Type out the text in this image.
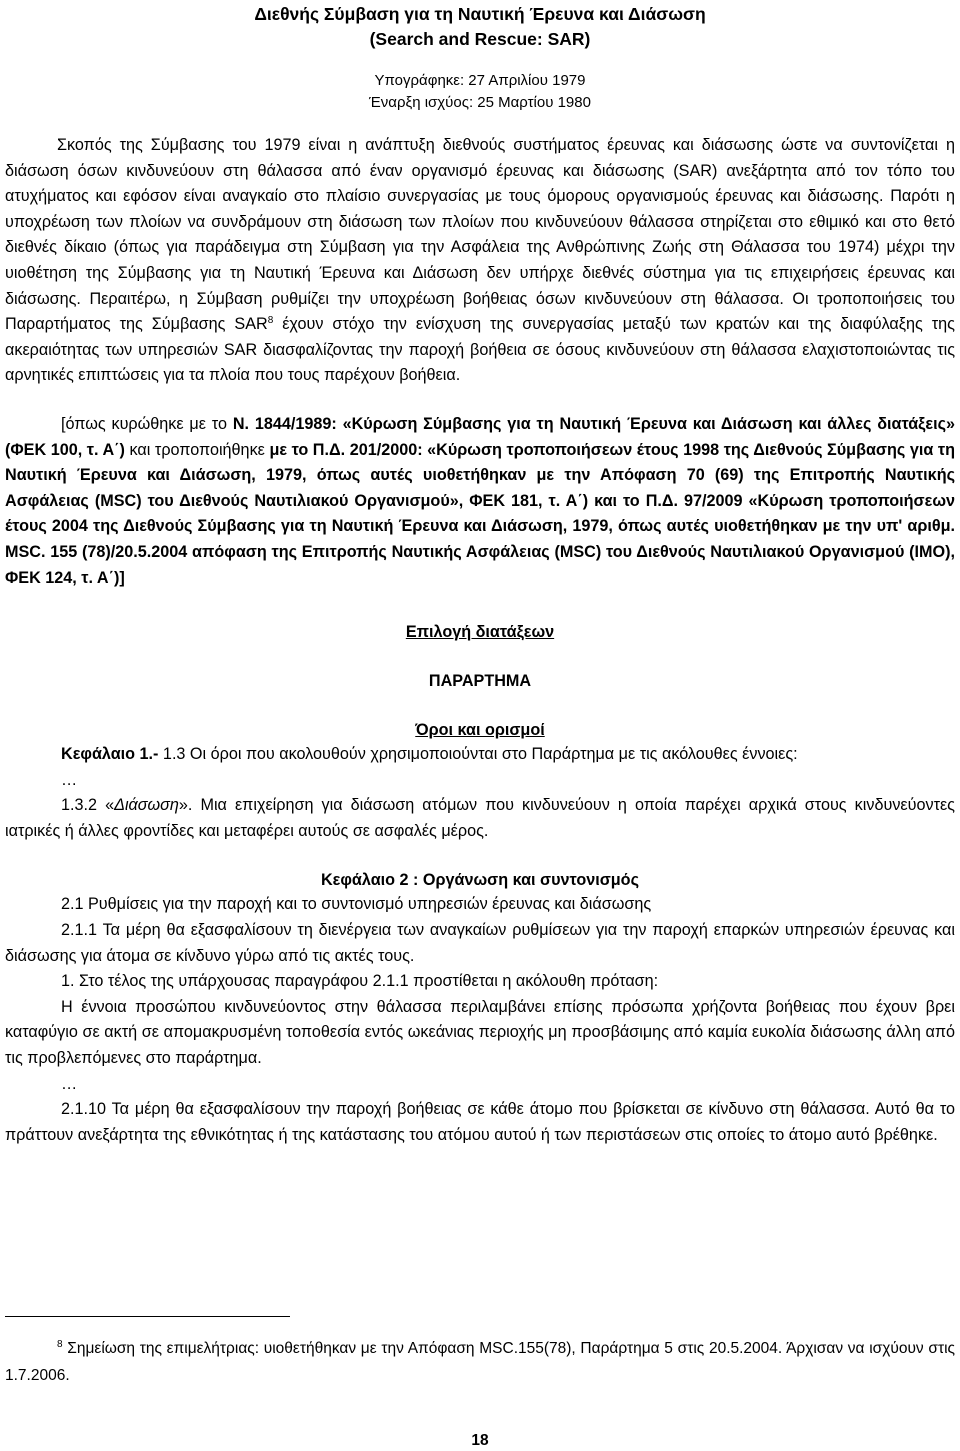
Διεθνής Σύμβαση για τη Ναυτική Έρευνα και Διάσωση
(Search and Rescue: SAR)
Υπογράφηκε: 27 Απριλίου 1979
Έναρξη ισχύος: 25 Μαρτίου 1980

Σκοπός της Σύμβασης του 1979 είναι η ανάπτυξη διεθνούς συστήματος έρευνας και διάσωσης ώστε να συντονίζεται η διάσωση όσων κινδυνεύουν στη θάλασσα από έναν οργανισμό έρευνας και διάσωσης (SAR) ανεξάρτητα από τον τόπο του ατυχήματος και εφόσον είναι αναγκαίο στο πλαίσιο συνεργασίας με τους όμορους οργανισμούς έρευνας και διάσωσης. Παρότι η υποχρέωση των πλοίων να συνδράμουν στη διάσωση των πλοίων που κινδυνεύουν θάλασσα στηρίζεται στο εθιμικό και στο θετό διεθνές δίκαιο (όπως για παράδειγμα στη Σύμβαση για την Ασφάλεια της Ανθρώπινης Ζωής στη Θάλασσα του 1974) μέχρι την υιοθέτηση της Σύμβασης για τη Ναυτική Έρευνα και Διάσωση δεν υπήρχε διεθνές σύστημα για τις επιχειρήσεις έρευνας και διάσωσης. Περαιτέρω, η Σύμβαση ρυθμίζει την υποχρέωση βοήθειας όσων κινδυνεύουν στη θάλασσα. Οι τροποποιήσεις του Παραρτήματος της Σύμβασης SAR$^8$ έχουν στόχο την ενίσχυση της συνεργασίας μεταξύ των κρατών και της διαφύλαξης της ακεραιότητας των υπηρεσιών SAR διασφαλίζοντας την παροχή βοήθεια σε όσους κινδυνεύουν στη θάλασσα ελαχιστοποιώντας τις αρνητικές επιπτώσεις για τα πλοία που τους παρέχουν βοήθεια.

[όπως κυρώθηκε με το Ν. 1844/1989: «Κύρωση Σύμβασης για τη Ναυτική Έρευνα και Διάσωση και άλλες διατάξεις» (ΦΕΚ 100, τ. Α΄) και τροποποιήθηκε με το Π.Δ. 201/2000: «Κύρωση τροποποιήσεων έτους 1998 της Διεθνούς Σύμβασης για τη Ναυτική Έρευνα και Διάσωση, 1979, όπως αυτές υιοθετήθηκαν με την Απόφαση 70 (69) της Επιτροπής Ναυτικής Ασφάλειας (MSC) του Διεθνούς Ναυτιλιακού Οργανισμού», ΦΕΚ 181, τ. Α΄) και το Π.Δ. 97/2009 «Κύρωση τροποποιήσεων έτους 2004 της Διεθνούς Σύμβασης για τη Ναυτική Έρευνα και Διάσωση, 1979, όπως αυτές υιοθετήθηκαν με την υπ' αριθμ. MSC. 155 (78)/20.5.2004 απόφαση της Επιτροπής Ναυτικής Ασφάλειας (MSC) του Διεθνούς Ναυτιλιακού Οργανισμού (IMO), ΦΕΚ 124, τ. Α΄)]

Επιλογή διατάξεων
ΠΑΡΑΡΤΗΜΑ
Όροι και ορισμοί
Κεφάλαιο 1.- 1.3 Οι όροι που ακολουθούν χρησιμοποιούνται στο Παράρτημα με τις ακόλουθες έννοιες:
…
1.3.2 «Διάσωση». Μια επιχείρηση για διάσωση ατόμων που κινδυνεύουν η οποία παρέχει αρχικά στους κινδυνεύοντες ιατρικές ή άλλες φροντίδες και μεταφέρει αυτούς σε ασφαλές μέρος.
Κεφάλαιο 2 : Οργάνωση και συντονισμός
2.1 Ρυθμίσεις για την παροχή και το συντονισμό υπηρεσιών έρευνας και διάσωσης
2.1.1 Τα μέρη θα εξασφαλίσουν τη διενέργεια των αναγκαίων ρυθμίσεων για την παροχή επαρκών υπηρεσιών έρευνας και διάσωσης για άτομα σε κίνδυνο γύρω από τις ακτές τους.
1. Στο τέλος της υπάρχουσας παραγράφου 2.1.1 προστίθεται η ακόλουθη πρόταση:
Η έννοια προσώπου κινδυνεύοντος στην θάλασσα περιλαμβάνει επίσης πρόσωπα χρήζοντα βοήθειας που έχουν βρει καταφύγιο σε ακτή σε απομακρυσμένη τοποθεσία εντός ωκεάνιας περιοχής μη προσβάσιμης από καμία ευκολία διάσωσης άλλη από τις προβλεπόμενες στο παράρτημα.
…
2.1.10 Τα μέρη θα εξασφαλίσουν την παροχή βοήθειας σε κάθε άτομο που βρίσκεται σε κίνδυνο στη θάλασσα. Αυτό θα το πράττουν ανεξάρτητα της εθνικότητας ή της κατάστασης του ατόμου αυτού ή των περιστάσεων στις οποίες το άτομο αυτό βρέθηκε.
$^8$ Σημείωση της επιμελήτριας: υιοθετήθηκαν με την Απόφαση MSC.155(78), Παράρτημα 5 στις 20.5.2004. Άρχισαν να ισχύουν στις 1.7.2006.
18
